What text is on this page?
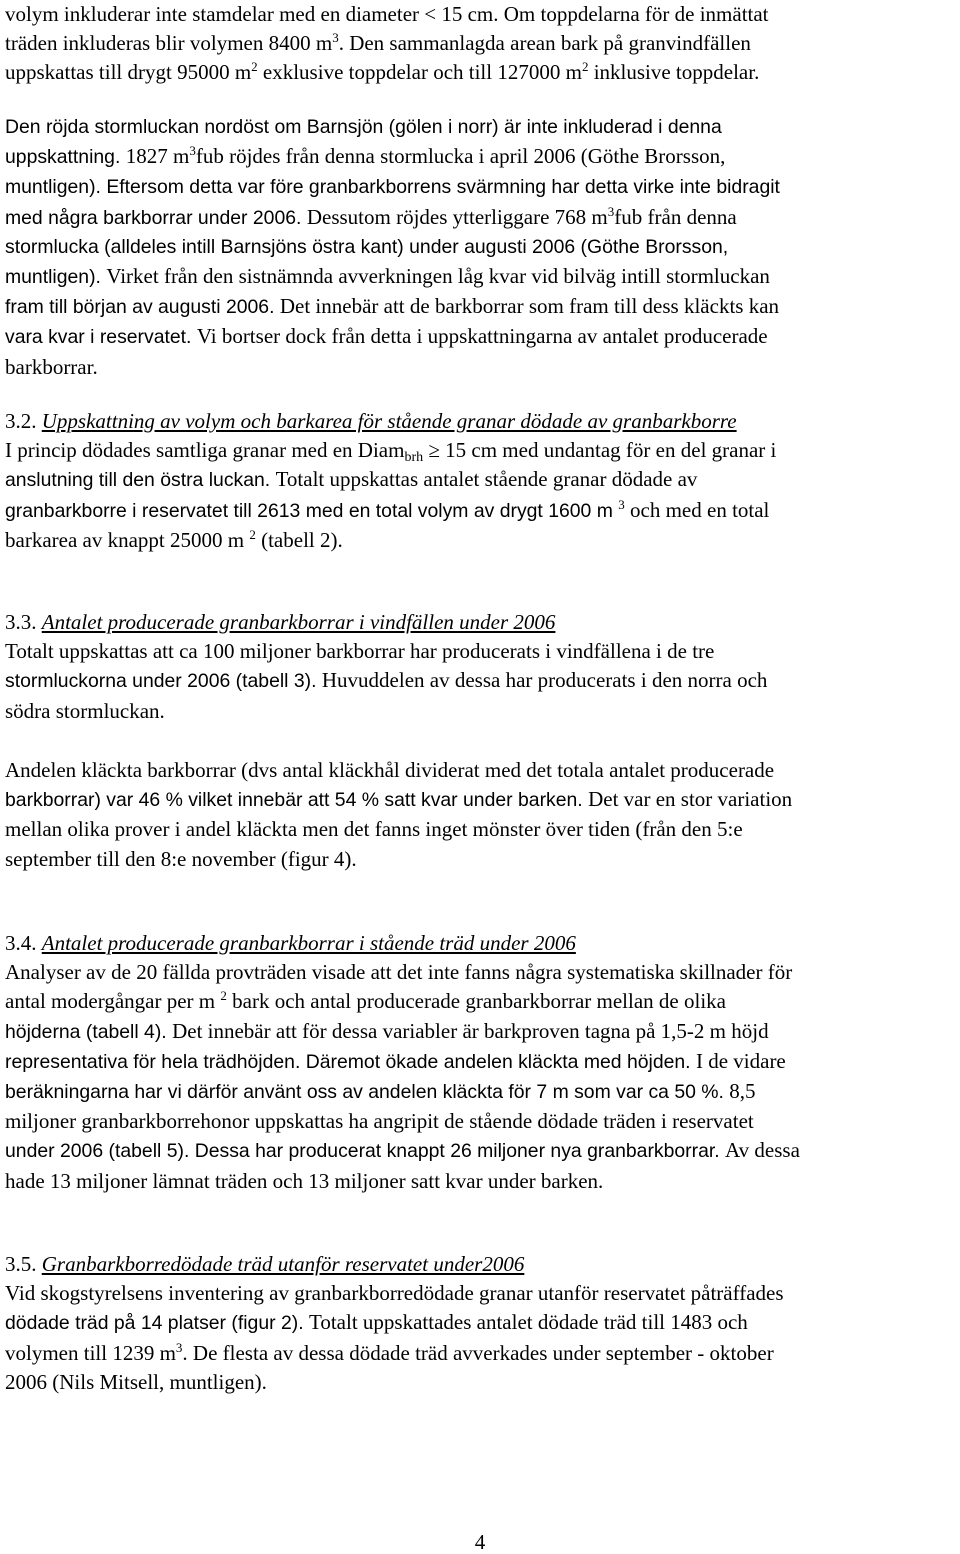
volym inkluderar inte stamdelar med en diameter < 15 cm. Om toppdelarna för de inmättat
träden inkluderas blir volymen 8400 $m^3$. Den sammanlagda arean bark på granvindfällen
uppskattas till drygt 95000 $m^2$ exklusive toppdelar och till 127000 $m^2$ inklusive toppdelar.
Den röjda stormluckan nordöst om Barnsjön (gölen i norr) är inte inkluderad i denna
uppskattning. 1827 $m^3fub$ röjdes från denna stormlucka i april 2006 (Göthe Brorsson,
muntligen). Eftersom detta var före granbarkborrens svärmning har detta virke inte bidragit
med några barkborrar under 2006. Dessutom röjdes ytterliggare 768 $m^3fub$ från denna
stormlucka (alldeles intill Barnsjöns östra kant) under augusti 2006 (Göthe Brorsson,
muntligen). Virket från den sistnämnda avverkningen låg kvar vid bilväg intill stormluckan
fram till början av augusti 2006. Det innebär att de barkborrar som fram till dess kläckts kan
vara kvar i reservatet. Vi bortser dock från detta i uppskattningarna av antalet producerade
barkborrar.
3.2. Uppskattning av volym och barkarea för stående granar dödade av granbarkborre
I princip dödades samtliga granar med en Diam$_{brh}$ ≥ 15 cm med undantag för en del granar i
anslutning till den östra luckan. Totalt uppskattas antalet stående granar dödade av
granbarkborre i reservatet till 2613 med en total volym av drygt 1600 m $^3$ och med en total
barkarea av knappt 25000 m $^2$ (tabell 2).
3.3. Antalet producerade granbarkborrar i vindfällen under 2006
Totalt uppskattas att ca 100 miljoner barkborrar har producerats i vindfällena i de tre
stormluckorna under 2006 (tabell 3). Huvuddelen av dessa har producerats i den norra och
södra stormluckan.
Andelen kläckta barkborrar (dvs antal kläckhål dividerat med det totala antalet producerade
barkborrar) var 46 % vilket innebär att 54 % satt kvar under barken. Det var en stor variation
mellan olika prover i andel kläckta men det fanns inget mönster över tiden (från den 5:e
september till den 8:e november (figur 4).
3.4. Antalet producerade granbarkborrar i stående träd under 2006
Analyser av de 20 fällda provträden visade att det inte fanns några systematiska skillnader för
antal modergångar per m $^2$ bark och antal producerade granbarkborrar mellan de olika
höjderna (tabell 4). Det innebär att för dessa variabler är barkproven tagna på 1,5-2 m höjd
representativa för hela trädhöjden. Däremot ökade andelen kläckta med höjden. I de vidare
beräkningarna har vi därför använt oss av andelen kläckta för 7 m som var ca 50 %. 8,5
miljoner granbarkborrehonor uppskattas ha angripit de stående dödade träden i reservatet
under 2006 (tabell 5). Dessa har producerat knappt 26 miljoner nya granbarkborrar. Av dessa
hade 13 miljoner lämnat träden och 13 miljoner satt kvar under barken.
3.5. Granbarkborredödade träd utanför reservatet under2006
Vid skogstyrelsens inventering av granbarkborredödade granar utanför reservatet påträffades
dödade träd på 14 platser (figur 2). Totalt uppskattades antalet dödade träd till 1483 och
volymen till 1239 $m^3$. De flesta av dessa dödade träd avverkades under september - oktober
2006 (Nils Mitsell, muntligen).
4
